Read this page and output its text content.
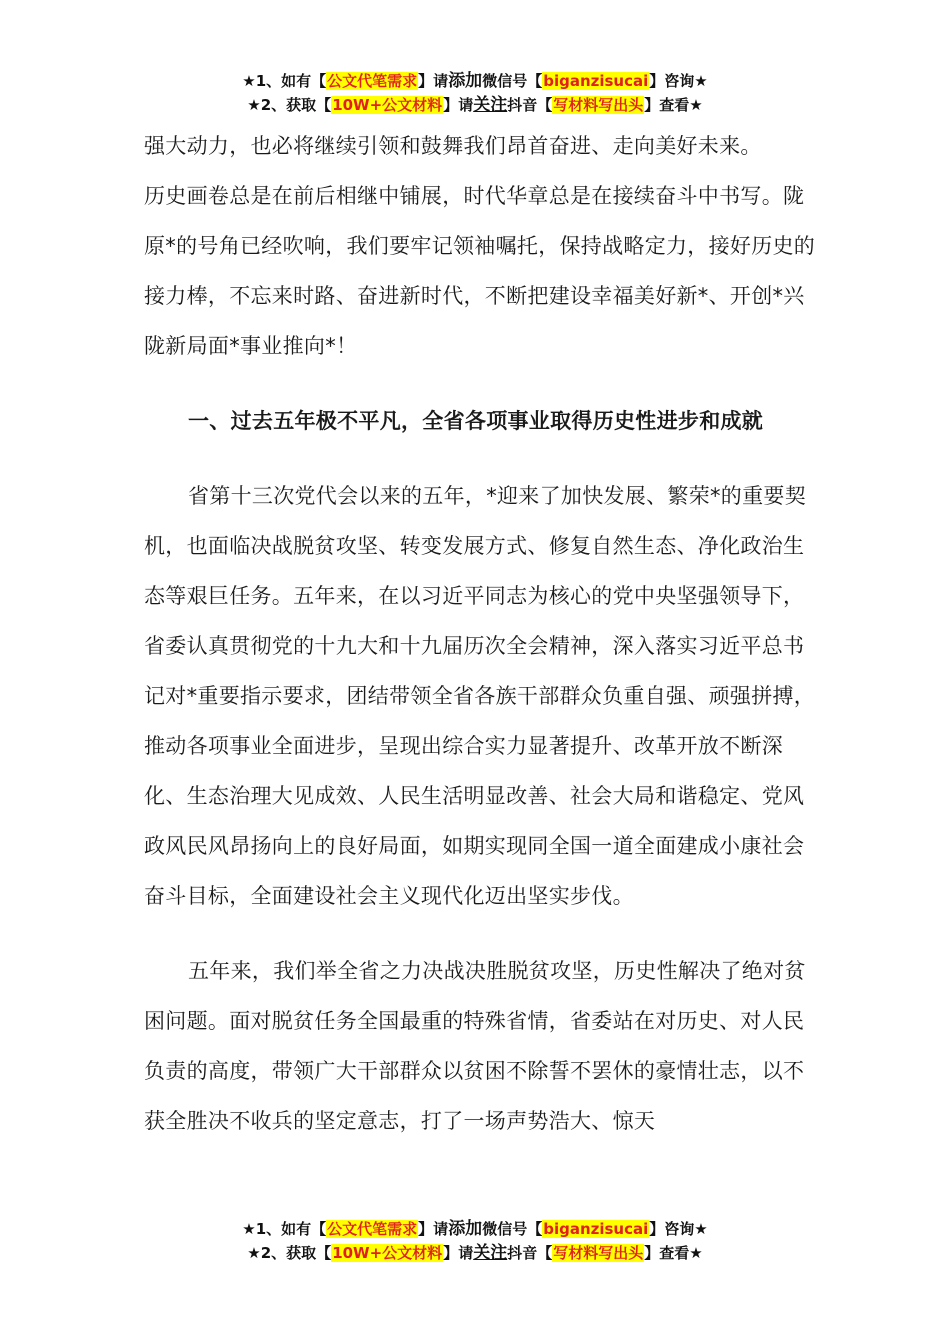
★1、如有【公文代笔需求】请添加微信号【biganzisucai】咨询★
★2、获取【10W+公文材料】请关注抖音【写材料写出头】查看★

强大动力，也必将继续引领和鼓舞我们昂首奋进、走向美好未来。

历史画卷总是在前后相继中铺展，时代华章总是在接续奋斗中书写。陇原*的号角已经吹响，我们要牢记领袖嘱托，保持战略定力，接好历史的接力棒，不忘来时路、奋进新时代，不断把建设幸福美好新*、开创*兴陇新局面*事业推向*！

一、过去五年极不平凡，全省各项事业取得历史性进步和成就

省第十三次党代会以来的五年，*迎来了加快发展、繁荣*的重要契机，也面临决战脱贫攻坚、转变发展方式、修复自然生态、净化政治生态等艰巨任务。五年来，在以习近平同志为核心的党中央坚强领导下，省委认真贯彻党的十九大和十九届历次全会精神，深入落实习近平总书记对*重要指示要求，团结带领全省各族干部群众负重自强、顽强拼搏，推动各项事业全面进步，呈现出综合实力显著提升、改革开放不断深化、生态治理大见成效、人民生活明显改善、社会大局和谐稳定、党风政风民风昂扬向上的良好局面，如期实现同全国一道全面建成小康社会奋斗目标，全面建设社会主义现代化迈出坚实步伐。

五年来，我们举全省之力决战决胜脱贫攻坚，历史性解决了绝对贫困问题。面对脱贫任务全国最重的特殊省情，省委站在对历史、对人民负责的高度，带领广大干部群众以贫困不除誓不罢休的豪情壮志，以不获全胜决不收兵的坚定意志，打了一场声势浩大、惊天

★1、如有【公文代笔需求】请添加微信号【biganzisucai】咨询★
★2、获取【10W+公文材料】请关注抖音【写材料写出头】查看★
